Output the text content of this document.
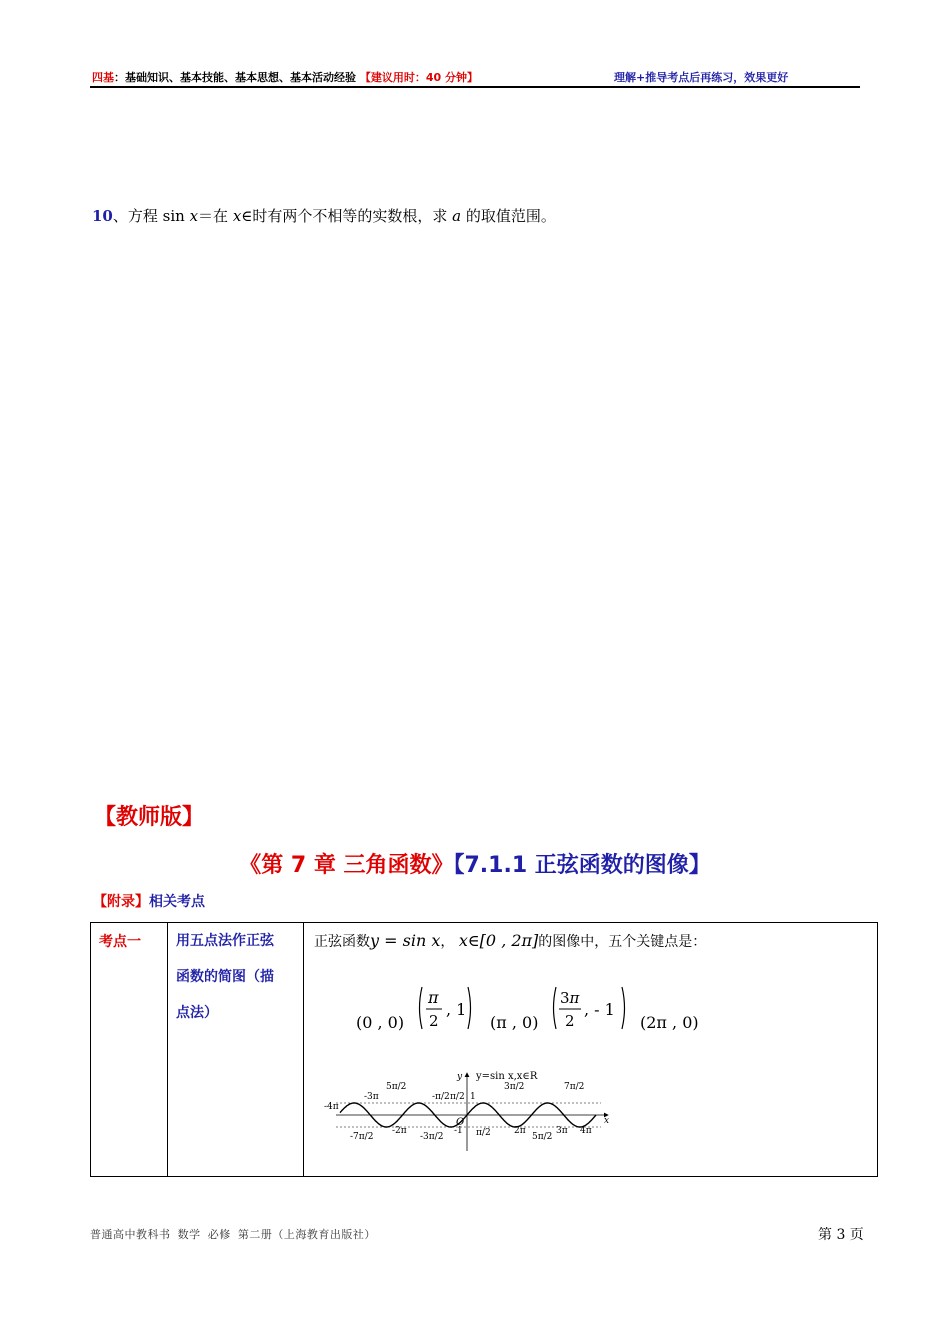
四基：基础知识、基本技能、基本思想、基本活动经验 【建议用时：40 分钟】	理解+推导考点后再练习，效果更好
10、方程 sin x＝在 x∈时有两个不相等的实数根，求 a 的取值范围。
【教师版】
《第 7 章 三角函数》【7.1.1 正弦函数的图像】
【附录】相关考点
考点一	用五点法作正弦
函数的简图（描
点法）

正弦函数y = sin x， x∈[0 , 2π]的图像中，五个关键点是：
(0 , 0)
π
2
, 1
(π , 0)
3π
2
, - 1
(2π , 0)
y y=sin x,x∈R
x
O
5π/2
-3π	-π/2 π/2
3π/2	7π/2
-4π
1
-7π/2
-2π
-3π/2
-1 π/2	2π
5π/2
3π 4π
普通高中教科书 数学 必修 第二册（上海教育出版社）	第 3 页
